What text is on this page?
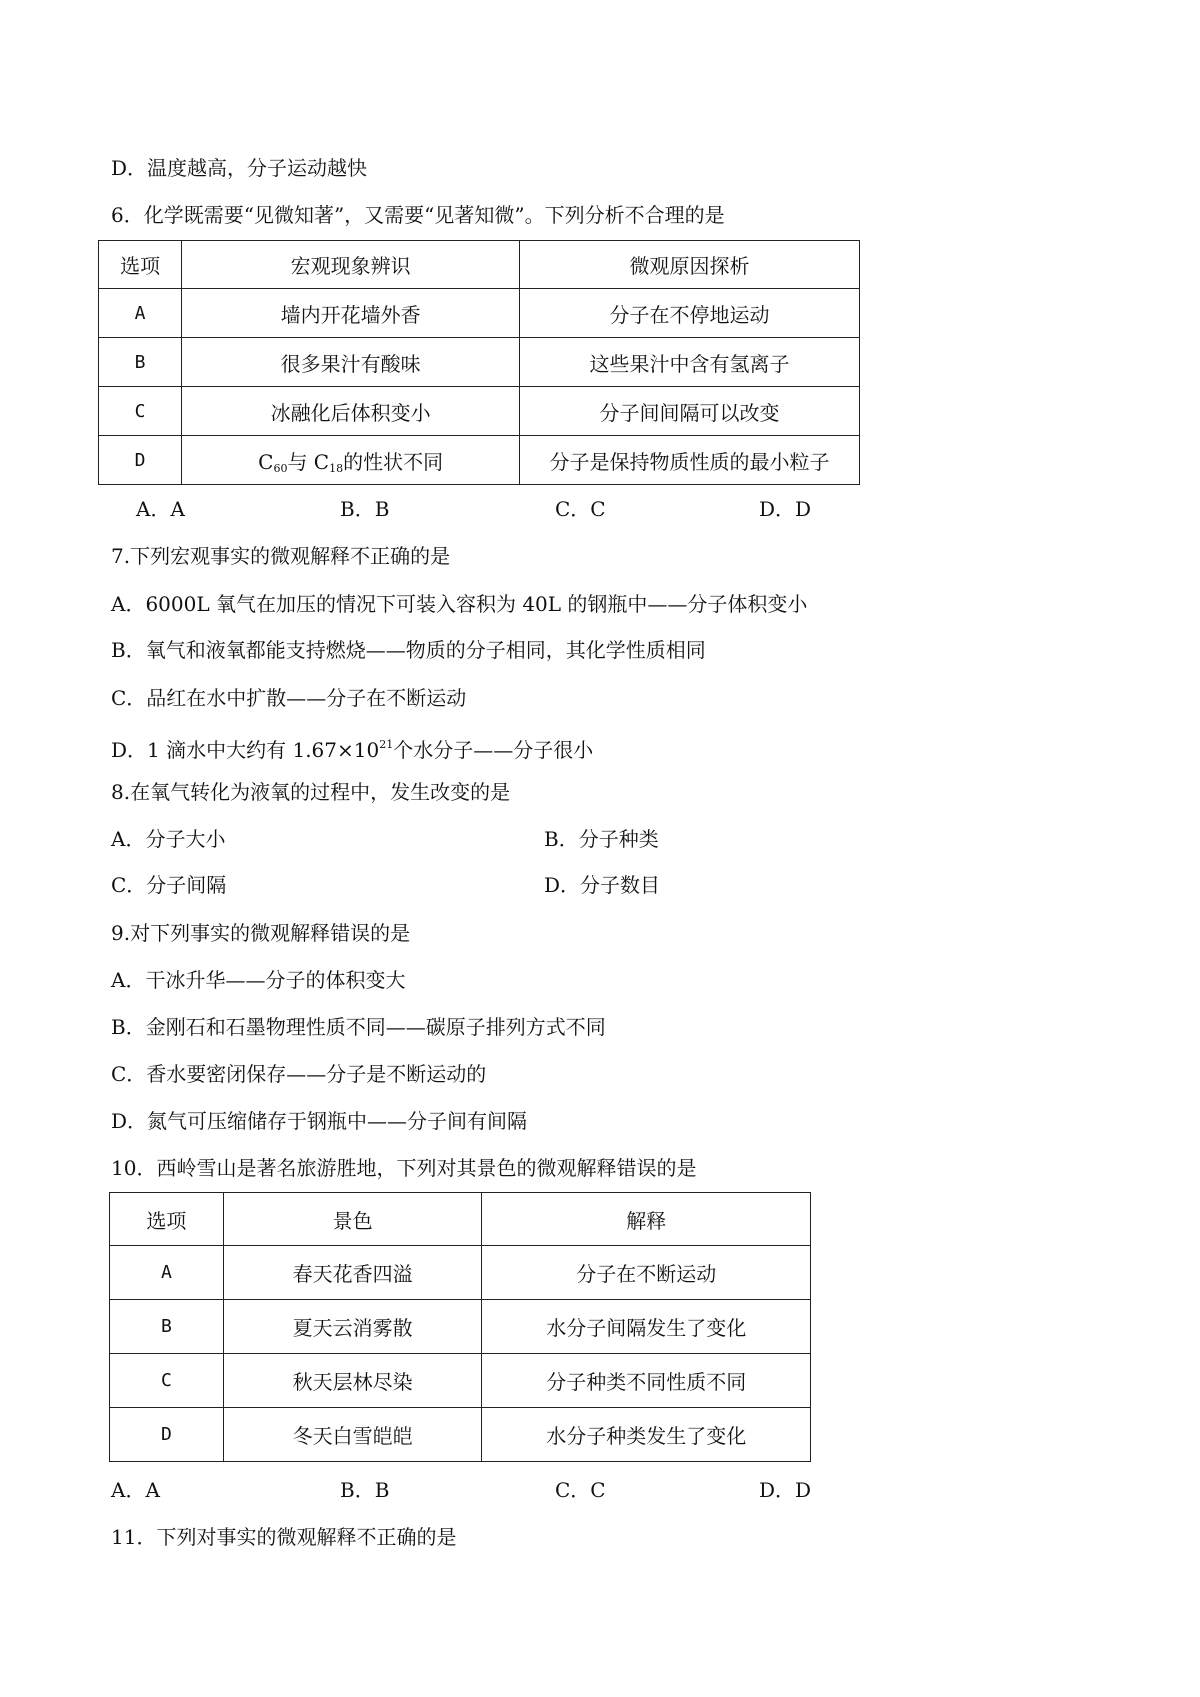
D．温度越高，分子运动越快
6．化学既需要“见微知著”，又需要“见著知微”。下列分析不合理的是
选项	宏观现象辨识	微观原因探析
A	墙内开花墙外香	分子在不停地运动
B	很多果汁有酸味	这些果汁中含有氢离子
C	冰融化后体积变小	分子间间隔可以改变
D	$C_{60}$与 $C_{18}$的性状不同	分子是保持物质性质的最小粒子
A．A	B．B	C．C	D．D
7.下列宏观事实的微观解释不正确的是
A．6000L 氧气在加压的情况下可装入容积为 40L 的钢瓶中——分子体积变小
B．氧气和液氧都能支持燃烧——物质的分子相同，其化学性质相同
C．品红在水中扩散——分子在不断运动
D．1 滴水中大约有 $1.67\times 10^{21}$个水分子——分子很小
8.在氧气转化为液氧的过程中，发生改变的是
A．分子大小	B．分子种类
C．分子间隔	D．分子数目
9.对下列事实的微观解释错误的是
A．干冰升华——分子的体积变大
B．金刚石和石墨物理性质不同——碳原子排列方式不同
C．香水要密闭保存——分子是不断运动的
D．氮气可压缩储存于钢瓶中——分子间有间隔
10．西岭雪山是著名旅游胜地，下列对其景色的微观解释错误的是
选项	景色	解释
A	春天花香四溢	分子在不断运动
B	夏天云消雾散	水分子间隔发生了变化
C	秋天层林尽染	分子种类不同性质不同
D	冬天白雪皑皑	水分子种类发生了变化
A．A	B．B	C．C	D．D
11．下列对事实的微观解释不正确的是
